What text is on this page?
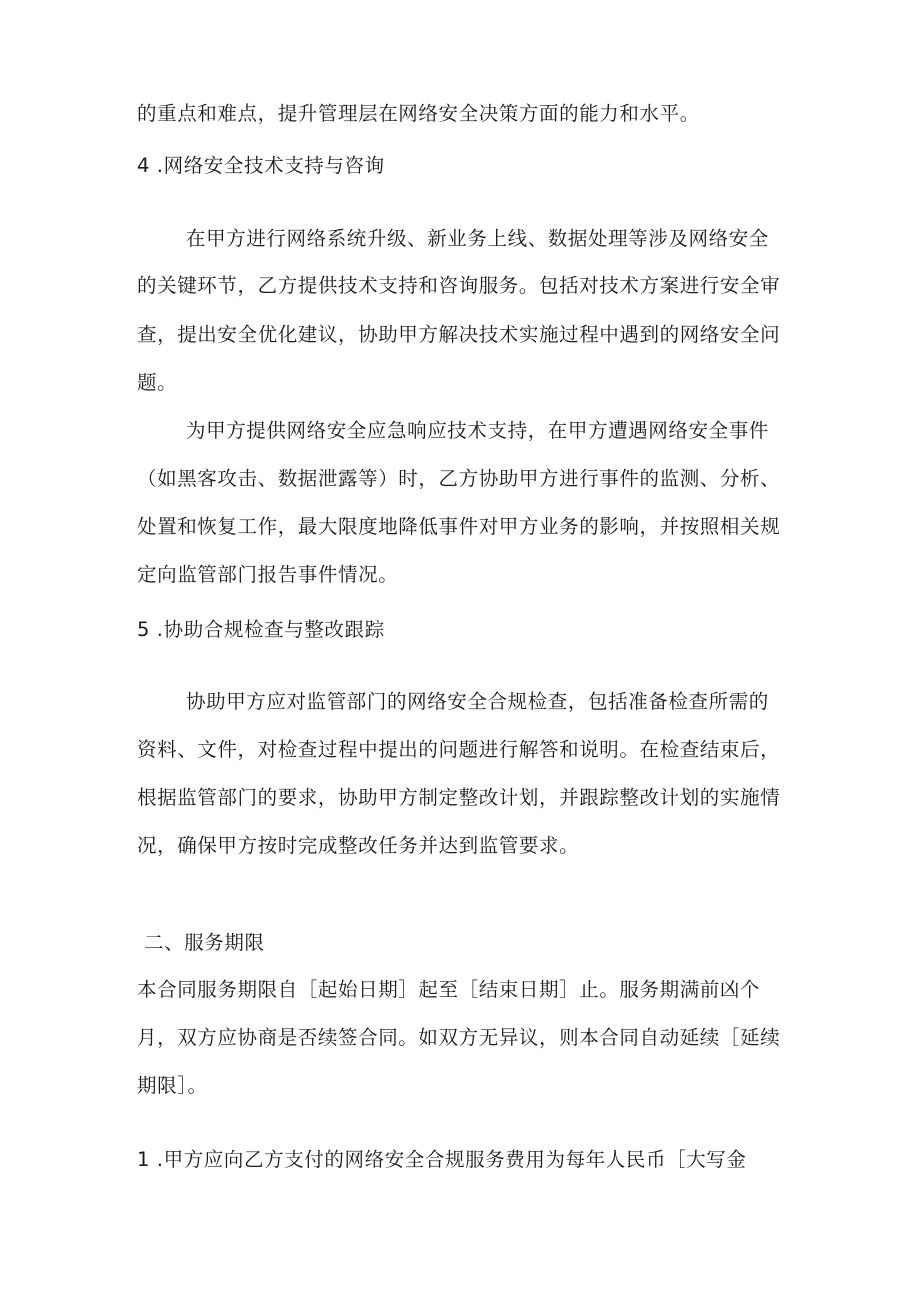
的重点和难点，提升管理层在网络安全决策方面的能力和水平。
4 .网络安全技术支持与咨询
在甲方进行网络系统升级、新业务上线、数据处理等涉及网络安全
的关键环节，乙方提供技术支持和咨询服务。包括对技术方案进行安全审
查，提出安全优化建议，协助甲方解决技术实施过程中遇到的网络安全问
题。
为甲方提供网络安全应急响应技术支持，在甲方遭遇网络安全事件
（如黑客攻击、数据泄露等）时，乙方协助甲方进行事件的监测、分析、
处置和恢复工作，最大限度地降低事件对甲方业务的影响，并按照相关规
定向监管部门报告事件情况。
5 .协助合规检查与整改跟踪
协助甲方应对监管部门的网络安全合规检查，包括准备检查所需的
资料、文件，对检查过程中提出的问题进行解答和说明。在检查结束后，
根据监管部门的要求，协助甲方制定整改计划，并跟踪整改计划的实施情
况，确保甲方按时完成整改任务并达到监管要求。
二、服务期限
本合同服务期限自［起始日期］起至［结束日期］止。服务期满前凶个
月，双方应协商是否续签合同。如双方无异议，则本合同自动延续［延续
期限］。
1 .甲方应向乙方支付的网络安全合规服务费用为每年人民币［大写金
